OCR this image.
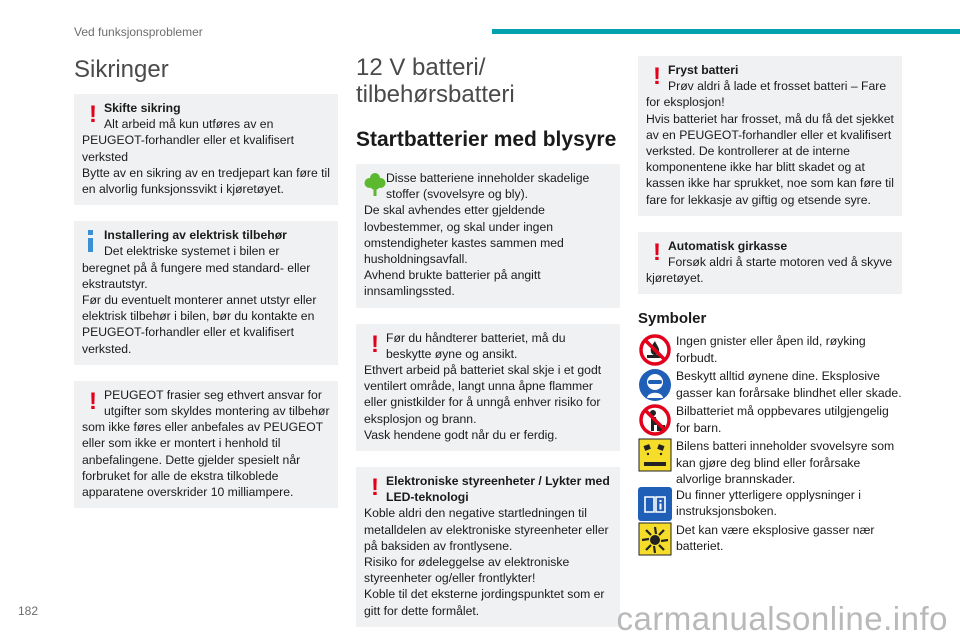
Ved funksjonsproblemer
Sikringer
! Skifte sikring
Alt arbeid må kun utføres av en PEUGEOT-forhandler eller et kvalifisert verksted
Bytte av en sikring av en tredjepart kan føre til en alvorlig funksjonssvikt i kjøretøyet.
Installering av elektrisk tilbehør
Det elektriske systemet i bilen er beregnet på å fungere med standard- eller ekstrautstyr.
Før du eventuelt monterer annet utstyr eller elektrisk tilbehør i bilen, bør du kontakte en PEUGEOT-forhandler eller et kvalifisert verksted.
! PEUGEOT frasier seg ethvert ansvar for utgifter som skyldes montering av tilbehør som ikke føres eller anbefales av PEUGEOT eller som ikke er montert i henhold til anbefalingene. Dette gjelder spesielt når forbruket for alle de ekstra tilkoblede apparatene overskrider 10 milliampere.
12 V batteri/ tilbehørsbatteri
Startbatterier med blysyre
Disse batteriene inneholder skadelige stoffer (svovelsyre og bly).
De skal avhendes etter gjeldende lovbestemmer, og skal under ingen omstendigheter kastes sammen med husholdningsavfall.
Avhend brukte batterier på angitt innsamlingssted.
! Før du håndterer batteriet, må du beskytte øyne og ansikt.
Ethvert arbeid på batteriet skal skje i et godt ventilert område, langt unna åpne flammer eller gnistkilder for å unngå enhver risiko for eksplosjon og brann.
Vask hendene godt når du er ferdig.
! Elektroniske styreenheter / Lykter med LED-teknologi
Koble aldri den negative startledningen til metalldelen av elektroniske styreenheter eller på baksiden av frontlysene.
Risiko for ødeleggelse av elektroniske styreenheter og/eller frontlykter!
Koble til det eksterne jordingspunktet som er gitt for dette formålet.
! Fryst batteri
Prøv aldri å lade et frosset batteri – Fare for eksplosjon!
Hvis batteriet har frosset, må du få det sjekket av en PEUGEOT-forhandler eller et kvalifisert verksted. De kontrollerer at de interne komponentene ikke har blitt skadet og at kassen ikke har sprukket, noe som kan føre til fare for lekkasje av giftig og etsende syre.
! Automatisk girkasse
Forsøk aldri å starte motoren ved å skyve kjøretøyet.
Symboler
Ingen gnister eller åpen ild, røyking forbudt.
Beskytt alltid øynene dine. Eksplosive gasser kan forårsake blindhet eller skade.
Bilbatteriet må oppbevares utilgjengelig for barn.
Bilens batteri inneholder svovelsyre som kan gjøre deg blind eller forårsake alvorlige brannskader.
Du finner ytterligere opplysninger i instruksjonsboken.
Det kan være eksplosive gasser nær batteriet.
182	carmanualsonline.info
